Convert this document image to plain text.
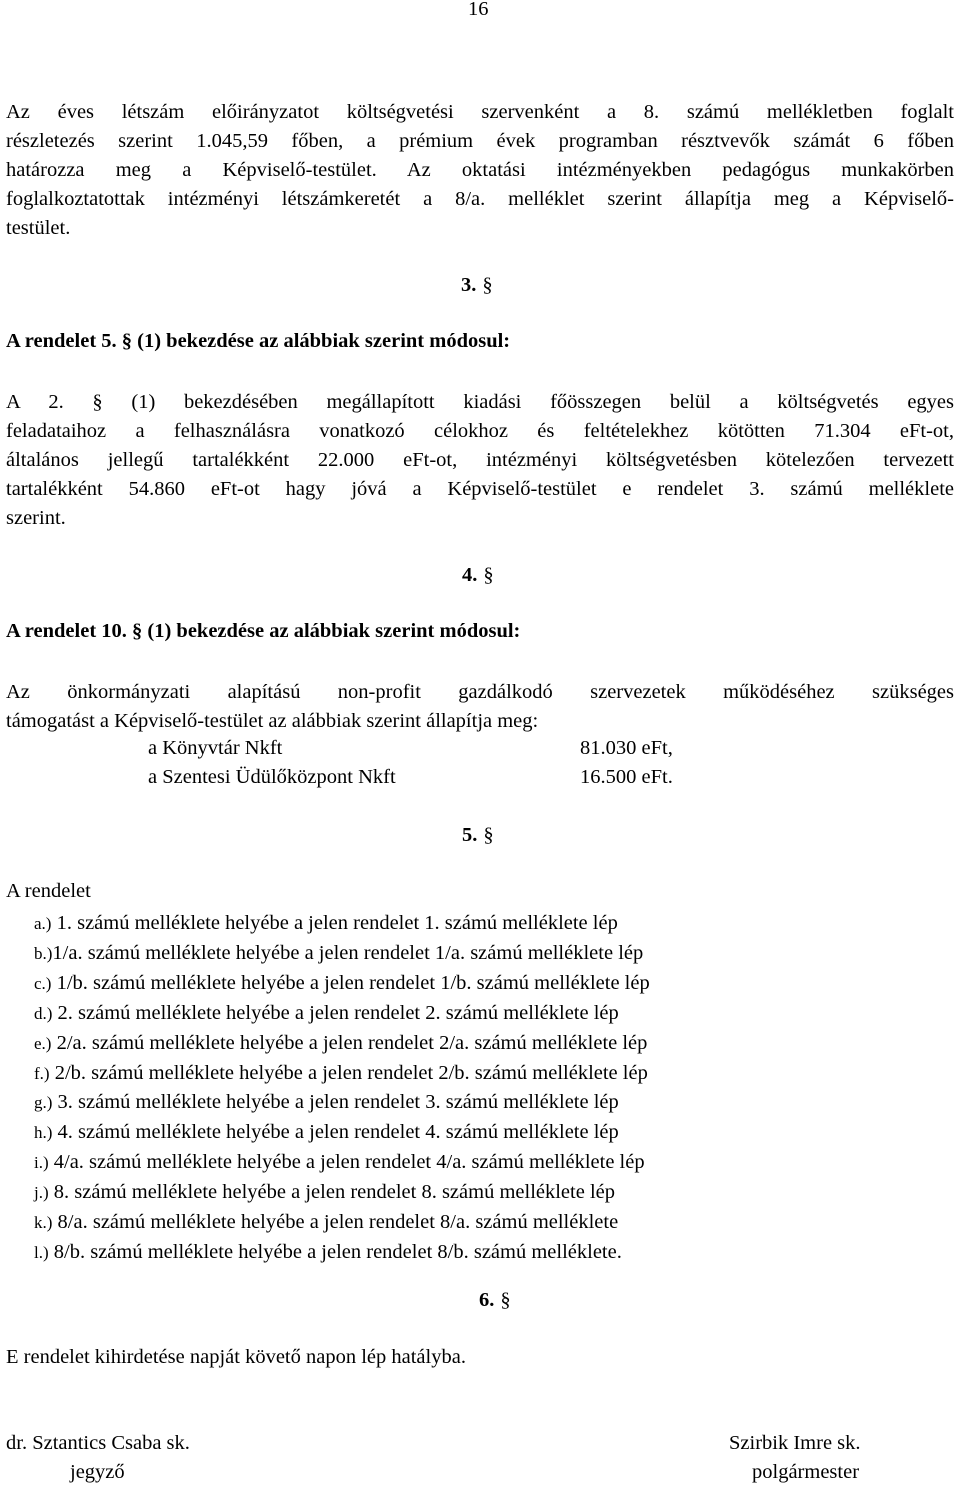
16
Az éves létszám előirányzatot költségvetési szervenként a 8. számú mellékletben foglalt
részletezés szerint 1.045,59 főben, a prémium évek programban résztvevők számát 6 főben
határozza meg a Képviselő-testület. Az oktatási intézményekben pedagógus munkakörben
foglalkoztatottak intézményi létszámkeretét a 8/a. melléklet szerint állapítja meg a Képviselő-
testület.
3. §
A rendelet 5. § (1) bekezdése az alábbiak szerint módosul:
A 2. § (1) bekezdésében megállapított kiadási főösszegen belül a költségvetés egyes
feladataihoz a felhasználásra vonatkozó célokhoz és feltételekhez kötötten 71.304 eFt-ot,
általános jellegű tartalékként 22.000 eFt-ot, intézményi költségvetésben kötelezően tervezett
tartalékként 54.860 eFt-ot hagy jóvá a Képviselő-testület e rendelet 3. számú melléklete
szerint.
4. §
A rendelet 10. § (1) bekezdése az alábbiak szerint módosul:
Az önkormányzati alapítású non-profit gazdálkodó szervezetek működéséhez szükséges
támogatást a Képviselő-testület az alábbiak szerint állapítja meg:
a Könyvtár Nkft	81.030 eFt,
a Szentesi Üdülőközpont Nkft	16.500 eFt.
5. §
A rendelet
a.) 1. számú melléklete helyébe a jelen rendelet 1. számú melléklete lép
b.)1/a. számú melléklete helyébe a jelen rendelet 1/a. számú melléklete lép
c.) 1/b. számú melléklete helyébe a jelen rendelet 1/b. számú melléklete lép
d.) 2. számú melléklete helyébe a jelen rendelet 2. számú melléklete lép
e.) 2/a. számú melléklete helyébe a jelen rendelet 2/a. számú melléklete lép
f.) 2/b. számú melléklete helyébe a jelen rendelet 2/b. számú melléklete lép
g.) 3. számú melléklete helyébe a jelen rendelet 3. számú melléklete lép
h.) 4. számú melléklete helyébe a jelen rendelet 4. számú melléklete lép
i.) 4/a. számú melléklete helyébe a jelen rendelet 4/a. számú melléklete lép
j.) 8. számú melléklete helyébe a jelen rendelet 8. számú melléklete lép
k.) 8/a. számú melléklete helyébe a jelen rendelet 8/a. számú melléklete
l.) 8/b. számú melléklete helyébe a jelen rendelet 8/b. számú melléklete.
6. §
E rendelet kihirdetése napját követő napon lép hatályba.
dr. Sztantics Csaba sk.
jegyző
Szirbik Imre sk.
polgármester
